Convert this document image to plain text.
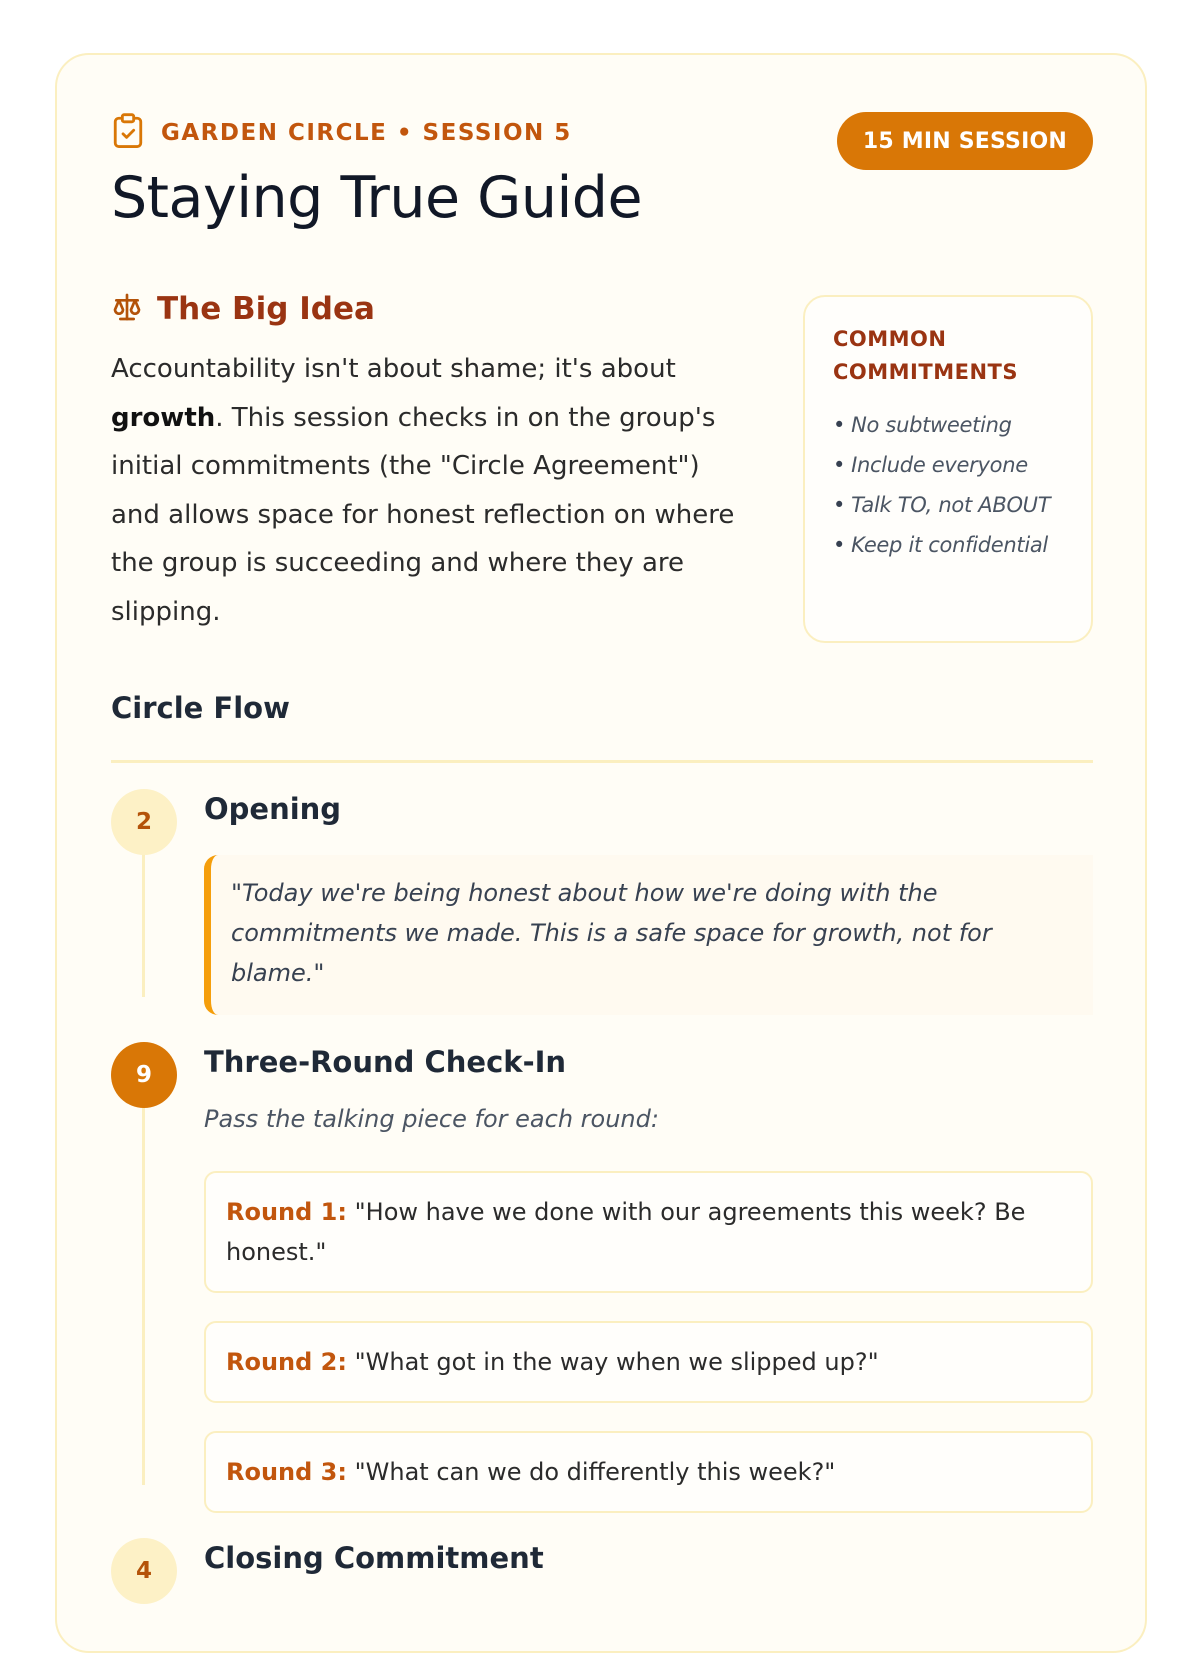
GARDEN CIRCLE • SESSION 5	15 MIN SESSION
Staying True Guide
The Big Idea

Accountability isn't about shame; it's about growth. This session checks in on the group's initial commitments (the "Circle Agreement") and allows space for honest reflection on where the group is succeeding and where they are slipping.

COMMON COMMITMENTS
• No subtweeting
• Include everyone
• Talk TO, not ABOUT
• Keep it confidential
Circle Flow
2	Opening
"Today we're being honest about how we're doing with the commitments we made. This is a safe space for growth, not for blame."
9	Three-Round Check-In
Pass the talking piece for each round:
Round 1: "How have we done with our agreements this week? Be honest."
Round 2: "What got in the way when we slipped up?"
Round 3: "What can we do differently this week?"
4	Closing Commitment
